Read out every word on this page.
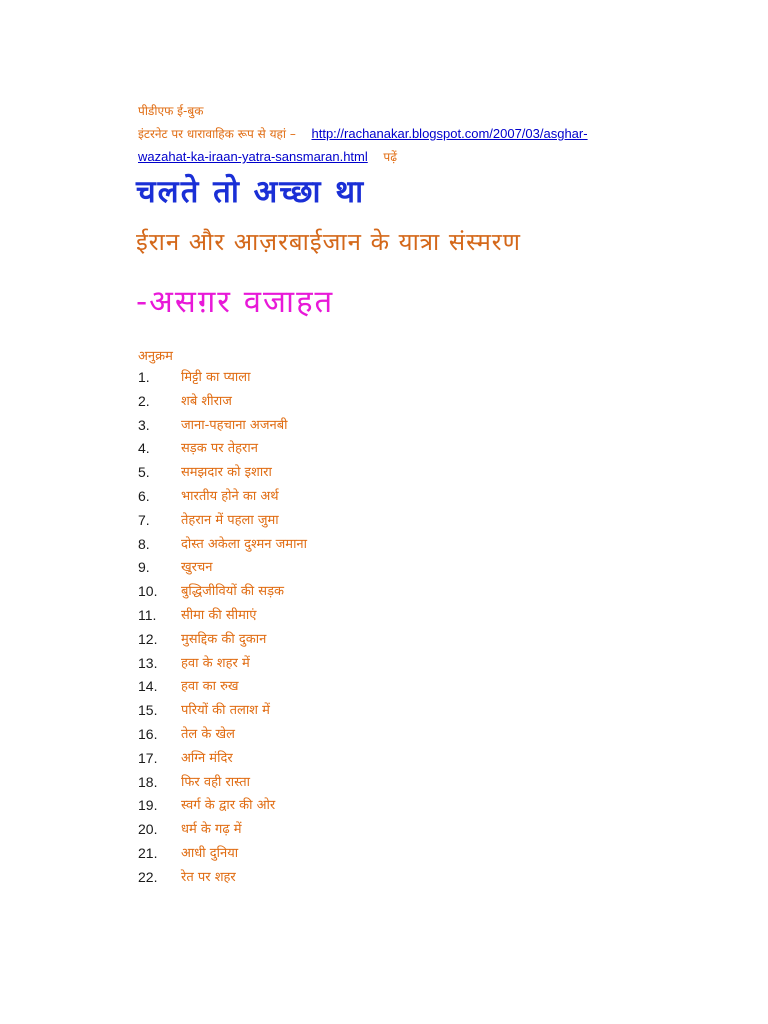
पीडीएफ ई-बुक
इंटरनेट पर धारावाहिक रूप से यहां – http://rachanakar.blogspot.com/2007/03/asghar-
wazahat-ka-iraan-yatra-sansmaran.html पढ़ें
चलते तो अच्छा था
ईरान और आज़रबाईजान के यात्रा संस्मरण
-असग़र वजाहत
अनुक्रम
1.	मिट्टी का प्याला
2.	शबे शीराज
3.	जाना-पहचाना अजनबी
4.	सड़क पर तेहरान
5.	समझदार को इशारा
6.	भारतीय होने का अर्थ
7.	तेहरान में पहला जुमा
8.	दोस्त अकेला दुश्मन जमाना
9.	खुरचन
10.	बुद्धिजीवियों की सड़क
11.	सीमा की सीमाएं
12.	मुसद्दिक की दुकान
13.	हवा के शहर में
14.	हवा का रुख
15.	परियों की तलाश में
16.	तेल के खेल
17.	अग्नि मंदिर
18.	फिर वही रास्ता
19.	स्वर्ग के द्वार की ओर
20.	धर्म के गढ़ में
21.	आधी दुनिया
22.	रेत पर शहर
